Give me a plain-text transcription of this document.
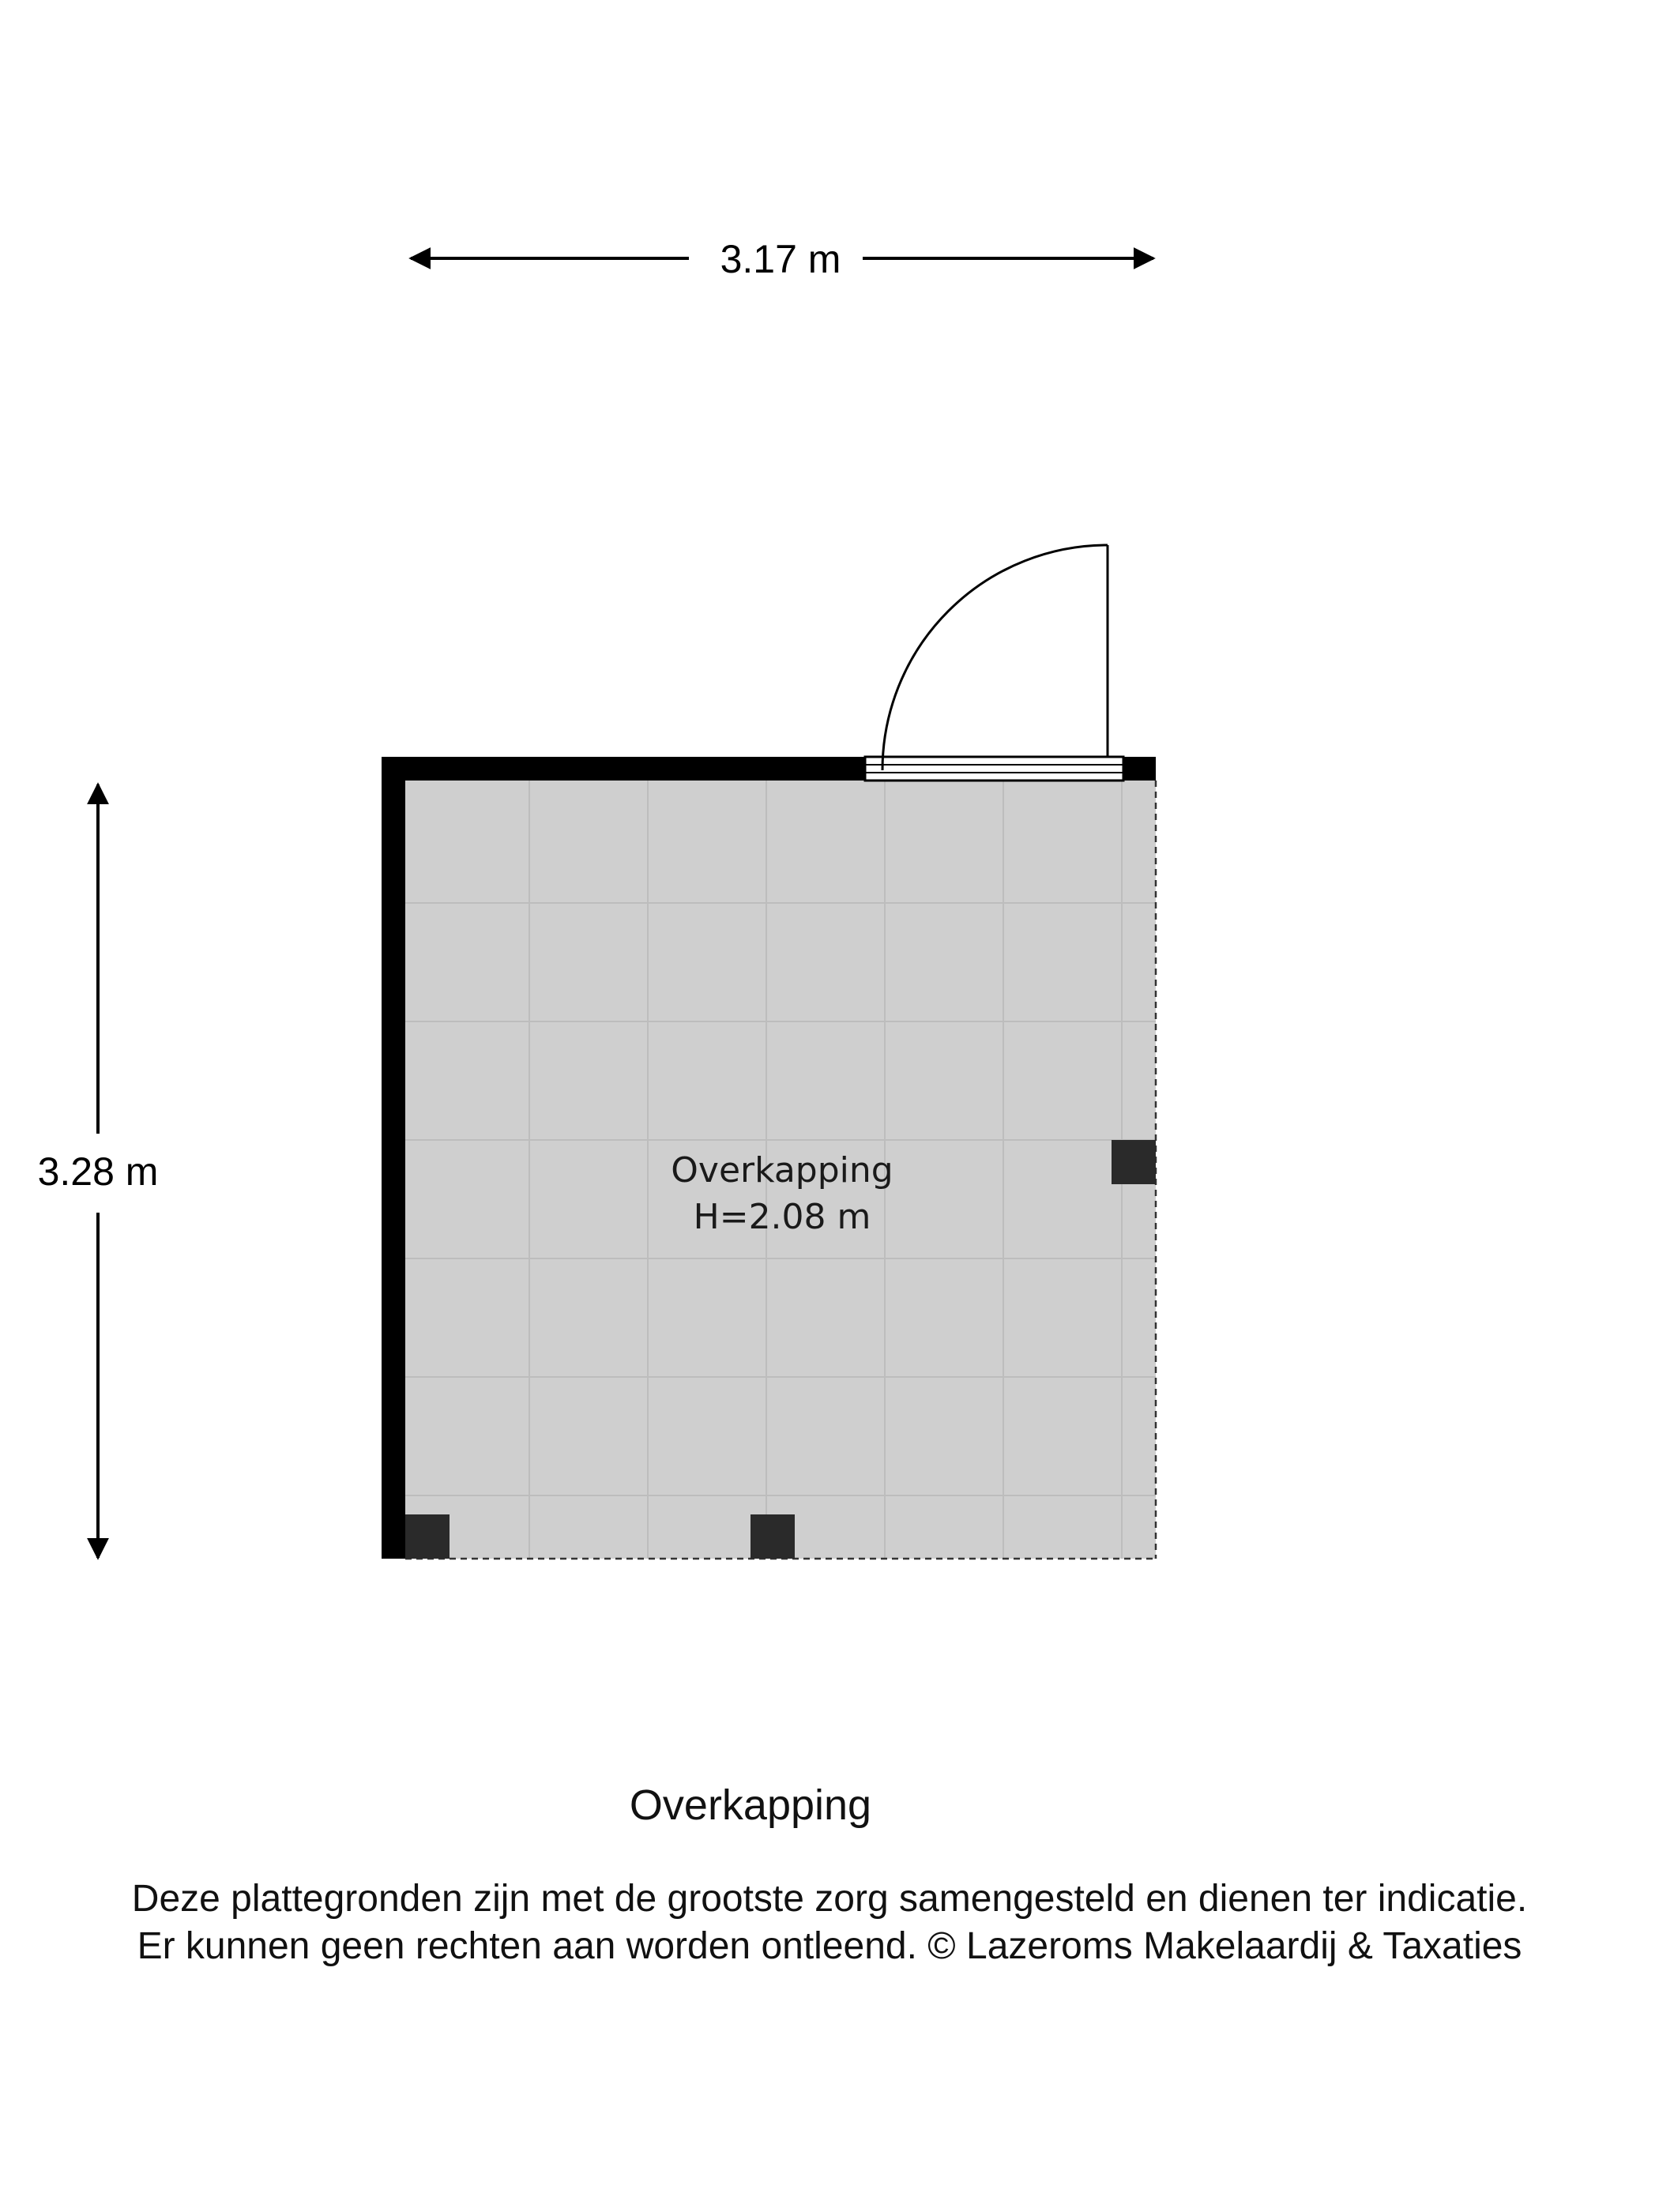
3.17 m
3.28 m	Overkapping
H=2.08 m
Overkapping
Deze plattegronden zijn met de grootste zorg samengesteld en dienen ter indicatie.
Er kunnen geen rechten aan worden ontleend. © Lazeroms Makelaardij & Taxaties
